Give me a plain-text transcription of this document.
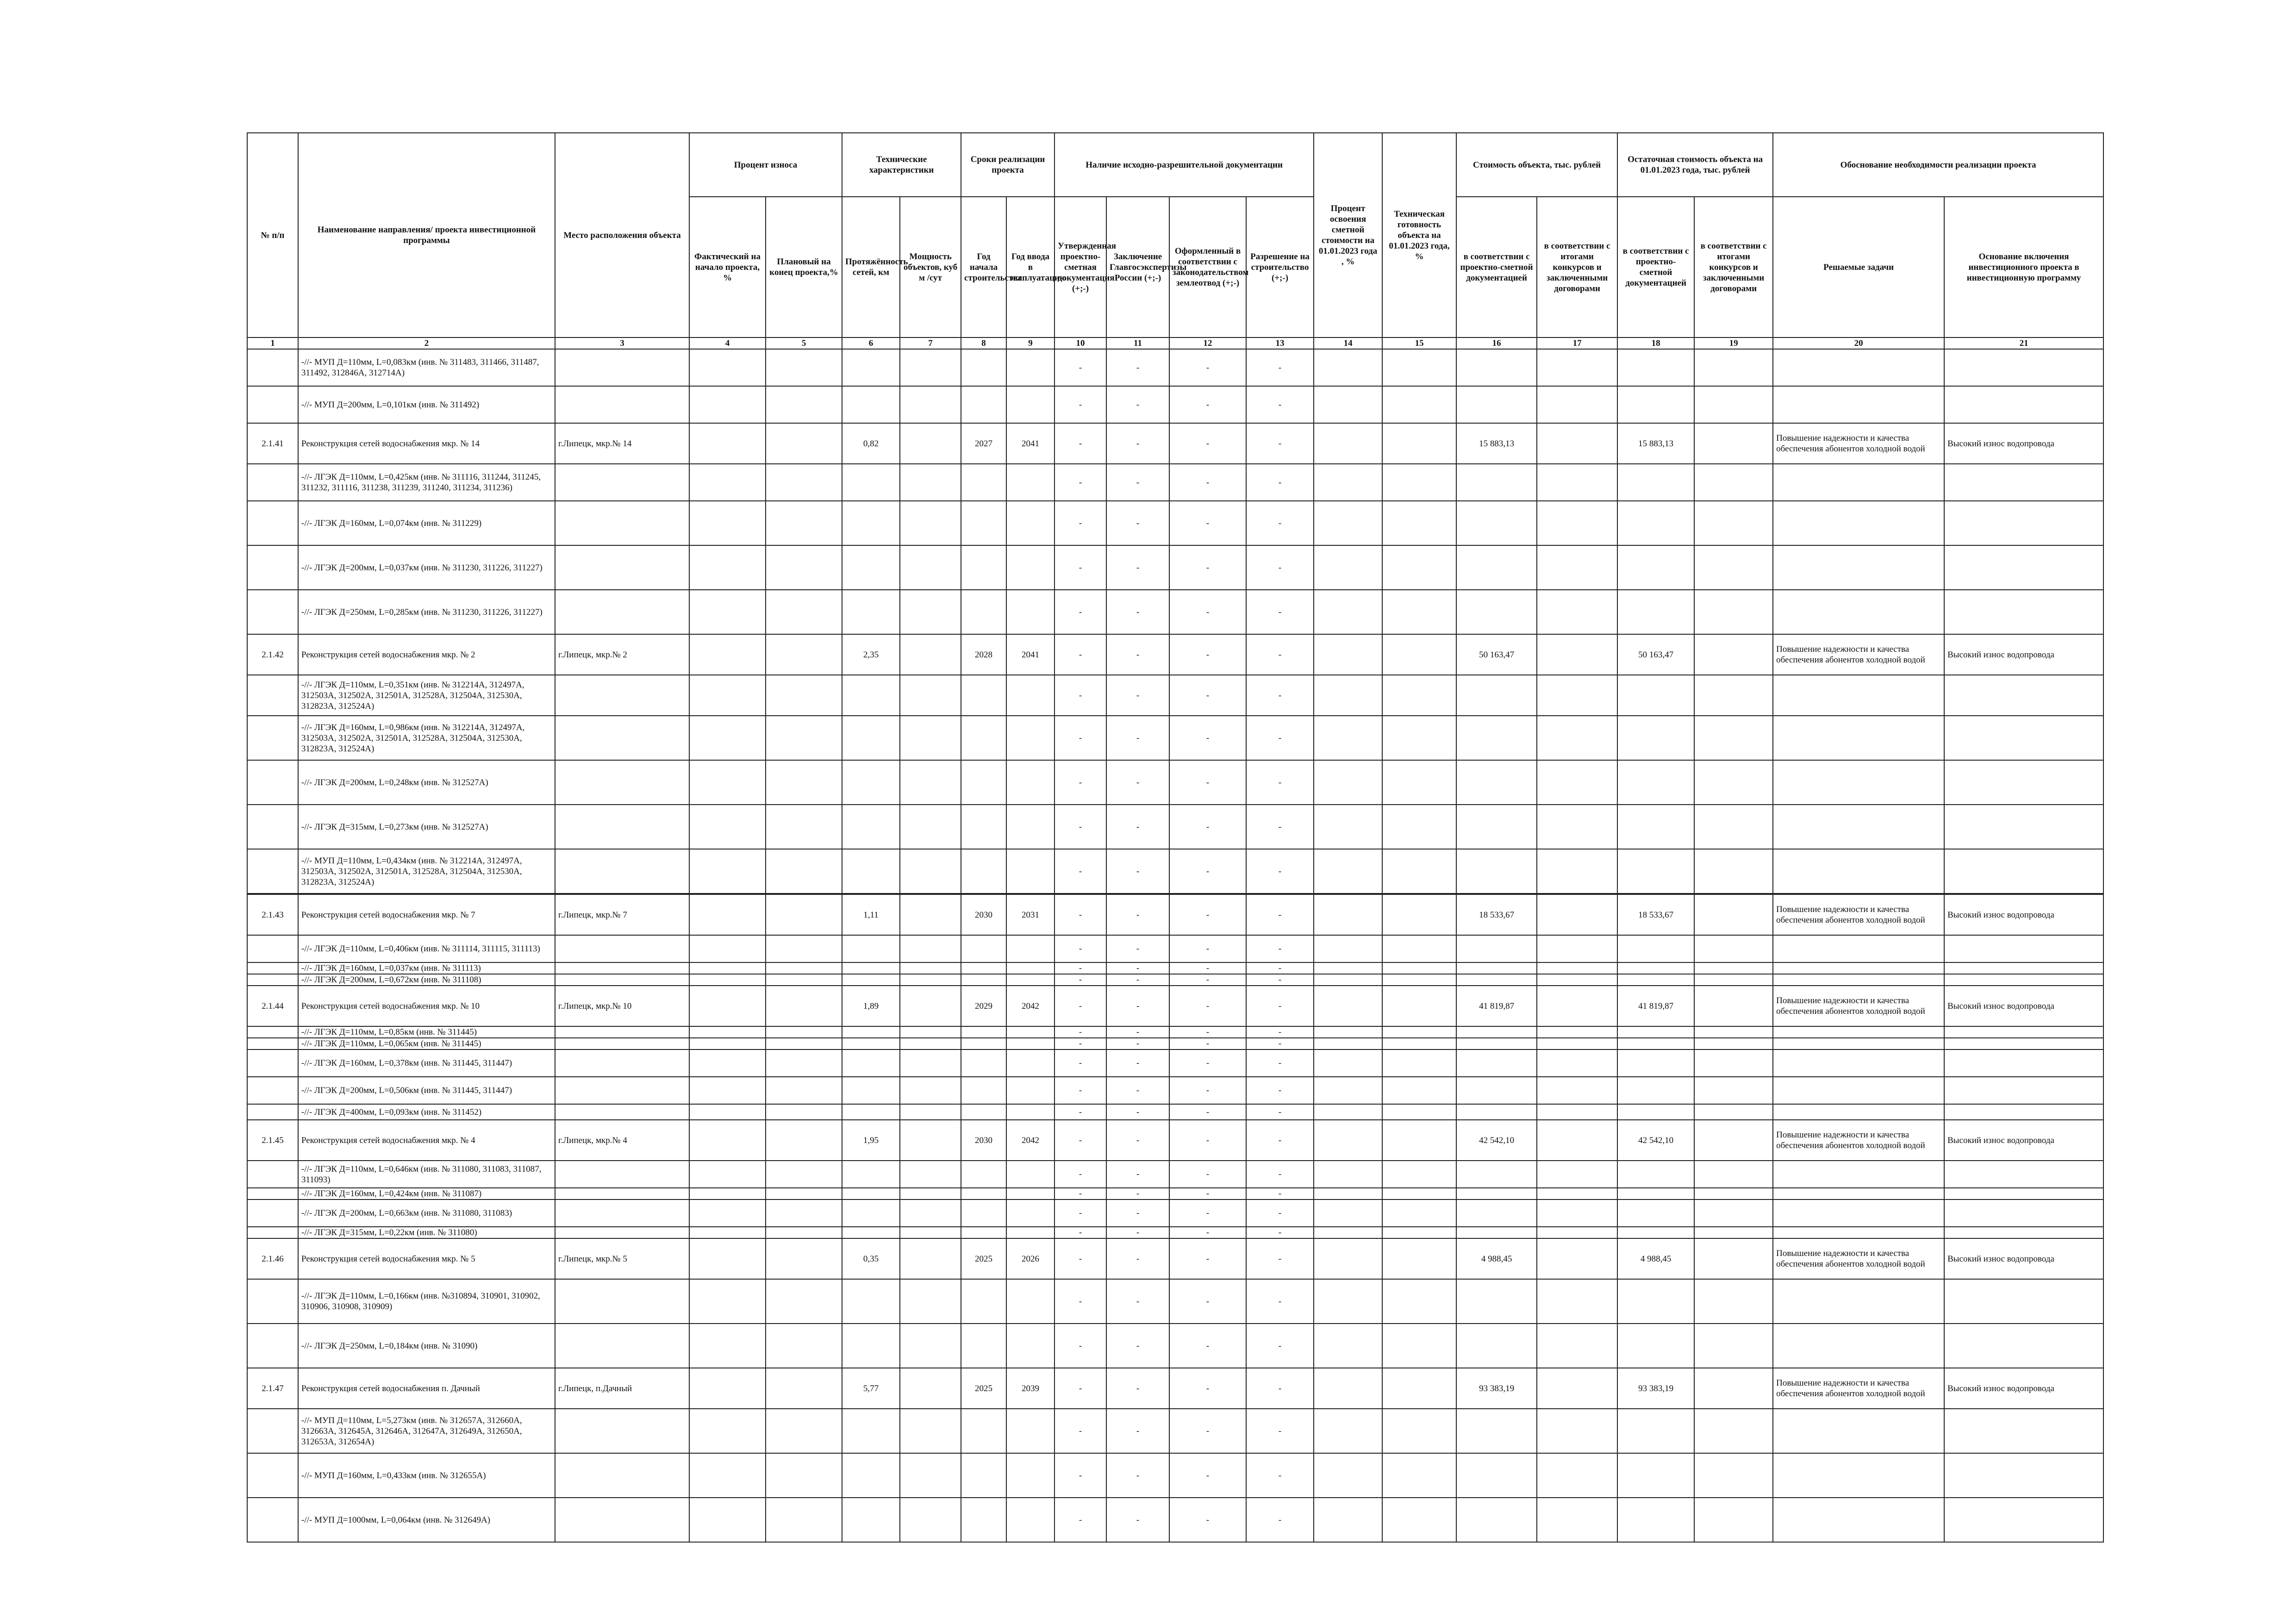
№ п/п	Наименование направления/ проекта инвестиционной программы	Место расположения объекта	Процент износа		Технические характеристики		Сроки реализации проекта		Наличие исходно-разрешительной документации				Процент освоения сметной стоимости на 01.01.2023 года , %	Техническая готовность объекта на 01.01.2023 года, %	Стоимость объекта, тыс. рублей		Остаточная стоимость объекта на 01.01.2023 года, тыс. рублей		Обоснование необходимости реализации проекта	
			Фактический на начало проекта, %	Плановый на конец проекта,%	Протяжённость сетей, км	Мощность объектов, куб м /сут	Год начала строительства	Год ввода в эксплуатацию	Утвержденная проектно-сметная документация (+;-)	Заключение Главгосэкспертизы России (+;-)	Оформленный в соответствии с законодательством землеотвод (+;-)	Разрешение на строительство (+;-)			в соответствии с проектно-сметной документацией	в соответствии с итогами конкурсов и заключенными договорами	в соответствии с проектно-сметной документацией	в соответствии с итогами конкурсов и заключенными договорами	Решаемые задачи	Основание включения инвестиционного проекта в инвестиционную программу
1	2	3	4	5	6	7	8	9	10	11	12	13	14	15	16	17	18	19	20	21
	-//- МУП Д=110мм, L=0,083км (инв. № 311483, 311466, 311487, 311492, 312846А, 312714А)								-	-	-	-								
	-//- МУП Д=200мм, L=0,101км (инв. № 311492)								-	-	-	-								
2.1.41	Реконструкция сетей водоснабжения мкр. № 14	г.Липецк, мкр.№ 14			0,82		2027	2041	-	-	-	-			15 883,13		15 883,13		Повышение надежности и качества обеспечения абонентов холодной водой	Высокий износ водопровода
	-//- ЛГЭК Д=110мм, L=0,425км (инв. № 311116, 311244, 311245, 311232, 311116, 311238, 311239, 311240, 311234, 311236)								-	-	-	-								
	-//- ЛГЭК Д=160мм, L=0,074км (инв. № 311229)								-	-	-	-								
	-//- ЛГЭК Д=200мм, L=0,037км (инв. № 311230, 311226, 311227)								-	-	-	-								
	-//- ЛГЭК Д=250мм, L=0,285км (инв. № 311230, 311226, 311227)								-	-	-	-								
2.1.42	Реконструкция сетей водоснабжения мкр. № 2	г.Липецк, мкр.№ 2			2,35		2028	2041	-	-	-	-			50 163,47		50 163,47		Повышение надежности и качества обеспечения абонентов холодной водой	Высокий износ водопровода
	-//- ЛГЭК Д=110мм, L=0,351км (инв. № 312214А, 312497А, 312503А, 312502А, 312501А, 312528А, 312504А, 312530А, 312823А, 312524А)								-	-	-	-								
	-//- ЛГЭК Д=160мм, L=0,986км (инв. № 312214А, 312497А, 312503А, 312502А, 312501А, 312528А, 312504А, 312530А, 312823А, 312524А)								-	-	-	-								
	-//- ЛГЭК Д=200мм, L=0,248км (инв. № 312527А)								-	-	-	-								
	-//- ЛГЭК Д=315мм, L=0,273км (инв. № 312527А)								-	-	-	-								
	-//- МУП Д=110мм, L=0,434км (инв. № 312214А, 312497А, 312503А, 312502А, 312501А, 312528А, 312504А, 312530А, 312823А, 312524А)								-	-	-	-								
2.1.43	Реконструкция сетей водоснабжения мкр. № 7	г.Липецк, мкр.№ 7			1,11		2030	2031	-	-	-	-			18 533,67		18 533,67		Повышение надежности и качества обеспечения абонентов холодной водой	Высокий износ водопровода
	-//- ЛГЭК Д=110мм, L=0,406км (инв. № 311114, 311115, 311113)								-	-	-	-								
	-//- ЛГЭК Д=160мм, L=0,037км (инв. № 311113)								-	-	-	-								
	-//- ЛГЭК Д=200мм, L=0,672км (инв. № 311108)								-	-	-	-								
2.1.44	Реконструкция сетей водоснабжения мкр. № 10	г.Липецк, мкр.№ 10			1,89		2029	2042	-	-	-	-			41 819,87		41 819,87		Повышение надежности и качества обеспечения абонентов холодной водой	Высокий износ водопровода
	-//- ЛГЭК Д=110мм, L=0,85км (инв. № 311445)								-	-	-	-								
	-//- ЛГЭК Д=110мм, L=0,065км (инв. № 311445)								-	-	-	-								
	-//- ЛГЭК Д=160мм, L=0,378км (инв. № 311445, 311447)								-	-	-	-								
	-//- ЛГЭК Д=200мм, L=0,506км (инв. № 311445, 311447)								-	-	-	-								
	-//- ЛГЭК Д=400мм, L=0,093км (инв. № 311452)								-	-	-	-								
2.1.45	Реконструкция сетей водоснабжения мкр. № 4	г.Липецк, мкр.№ 4			1,95		2030	2042	-	-	-	-			42 542,10		42 542,10		Повышение надежности и качества обеспечения абонентов холодной водой	Высокий износ водопровода
	-//- ЛГЭК Д=110мм, L=0,646км (инв. № 311080, 311083, 311087, 311093)								-	-	-	-								
	-//- ЛГЭК Д=160мм, L=0,424км (инв. № 311087)								-	-	-	-								
	-//- ЛГЭК Д=200мм, L=0,663км (инв. № 311080, 311083)								-	-	-	-								
	-//- ЛГЭК Д=315мм, L=0,22км (инв. № 311080)								-	-	-	-								
2.1.46	Реконструкция сетей водоснабжения мкр. № 5	г.Липецк, мкр.№ 5			0,35		2025	2026	-	-	-	-			4 988,45		4 988,45		Повышение надежности и качества обеспечения абонентов холодной водой	Высокий износ водопровода
	-//- ЛГЭК Д=110мм, L=0,166км (инв. №310894, 310901, 310902, 310906, 310908, 310909)								-	-	-	-								
	-//- ЛГЭК Д=250мм, L=0,184км (инв. № 31090)								-	-	-	-								
2.1.47	Реконструкция сетей водоснабжения п. Дачный	г.Липецк, п.Дачный			5,77		2025	2039	-	-	-	-			93 383,19		93 383,19		Повышение надежности и качества обеспечения абонентов холодной водой	Высокий износ водопровода
	-//- МУП Д=110мм, L=5,273км (инв. № 312657А, 312660А, 312663А, 312645А, 312646А, 312647А, 312649А, 312650А, 312653А, 312654А)								-	-	-	-								
	-//- МУП Д=160мм, L=0,433км (инв. № 312655А)								-	-	-	-								
	-//- МУП Д=1000мм, L=0,064км (инв. № 312649А)								-	-	-	-								
